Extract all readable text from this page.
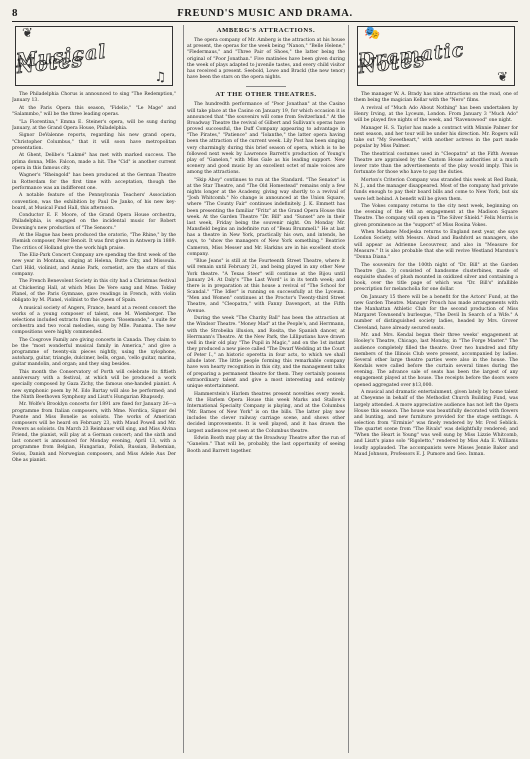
8	FREUND'S MUSIC AND DRAMA.
❦
Musical Notes	♫

The Philadelphia Chorus is announced to sing "The Redemption," January 13.

At the Paris Opera this season, "Fidelio," "Le Mage" and "Salammbo," will be the three leading operas.

"La Fiorentina," Emma E. Steiner's opera, will be sung during January, at the Grand Opera House, Philadelphia.

Signor DeValenne reports, regarding his new grand opera, "Christopher Columbus," that it will soon have metropolitan presentation.

At Ghent, Delibe's "Lakmé" has met with marked success. The prima donna, Mlle. Falcon, made a hit. The "Cid" is another current opera in this famous city.

Wagner's "Rheingold" has been produced at the German Theatre in Rotterdam for the first time with acceptation, though the performance was an indifferent one.

A notable feature of the Pennsylvania Teachers' Association convention, was the exhibition by Paul De Janko, of his new key-board, at Musical Fund Hall, this afternoon.

Conductor E. F. Moore, of the Grand Opera House orchestra, Philadelphia, is engaged on the incidental music for Robert Downing's new production of "The Sensors."

At the Hague has been produced the oratorio, "The Rhine," by the Flemish composer, Peter Benoit. It was first given in Antwerp in 1889. The critics of Holland give the work high praise.

The Eliz-Park Concert Company are spending the first week of the new year in Montana, singing at Helena, Butte City, and Missoula. Carl Hild, violinist, and Annie Park, cornetist, are the stars of this company.

The French Benevolent Society in this city had a Christmas festival at Chickering Hall, at which Miss De Vere sang and Mme. Tokley Planel, of the Paris Gymnase, gave readings in French, with violin obligato by M. Planel, violinist to the Queen of Spain.

A musical society of Angers, France, heard at a recent concert the works of a young composer of talent, one M. Wiemberger. The selections included extracts from his opera "Rosemonde," a suite for orchestra and two vocal melodies, sung by Mlle. Panama. The new compositions were highly commended.

The Cosgrove Family are giving concerts in Canada. They claim to be the "most wonderful musical family in America," and give a programme of twenty-six pieces nightly, using the xylophone, autoharp, guitar, triangle, dulcimer, bells, organ, 'cello guitar, marina, guitar mandolin, and organ; and they sing besides.

This month the Conservatory of Porth will celebrate its fiftieth anniversary with a festival, at which will be produced a work specially composed by Gaza Zichy, the famous one-handed pianist. A new symphonic poem by M. Edo Bartay will also be performed; and the Ninth Beethoven Symphony and Liszt's Hungarian Rhapsody.

Mr. Wolfe's Brooklyn concerts for 1891 are fixed for January 26—a programme from Italian composers, with Mme. Nordica, Signor del Puente and Miss Bonelie as soloists. The works of American composers will be heard on February 23, with Maud Powell and Mr. Powers as soloists. On March 23 Reinhauer will sing, and Miss Alvina Friend, the pianist, will play at a German concert; and the sixth and last concert is announced for Monday evening, April 13, with a programme from Belgian, Hungarian, Polish, Russian, Bohemian, Swiss, Danish and Norwegian composers, and Miss Adele Aus Der Ohe as pianist.

AMBERG'S ATTRACTIONS.

The opera company of Mr. Amberg is the attraction at his house at present, the operas for the week being "Nanon," "Belle Helene," "Fledermaus," and "Three Pair of Shoes," the latter being the original of "Poor Jonathan." Five matinées have been given during the week of plays adapted to juvenile tastes, and every child visitor has received a present. Seebold, Lowe and Brackl (the new tenor) have been the stars on the opera nights.

AT THE OTHER THEATRES.

The hundredth performance of "Poor Jonathan" at the Casino will take place at the Casino on January 19, for which occasion it is announced that "the souvenirs will come from Switzerland." At the Broadway Theatre the revival of Gilbert and Sullivan's operas have proved successful, the Duff Company appearing to advantage in "The Pirates," "Patience" and "Iolanthe," the latter opera having been the attraction of the current week. Lily Post has been singing very charmingly during this brief season of opera, which is to be followed next week by Lawrence Barrett's production of Young's play of "Ganelon," with Miss Gale as his leading support. New scenery and good music by an excellent octet of male voices are among the attractions.

"Skip Ahoy" continues to run at the Standard. "The Senator" is at the Star Theatre, and "The Old Homestead" remains only a few nights longer at the Academy, giving way shortly to a revival of "Josh Whitcomb." No change is announced at the Union Square, where "The County Fair" continues indefinitely. J. K. Emmett has been presenting the familiar "Fritz" at the Grand Opera House this week. At the Garden Theatre "Dr. Bill" and "Sunset" are in their last week, Friday being the souvenir night. On Monday Mr. Mansfield begins an indefinite run of "Beau Brummell." He at last has a theatre in New York, practically his own, and intends, he says, to "show the managers of New York something." Beatrice Cameron, Miss Messer and Mr. Harkins are in his excellent stock company.

"Blue Jeans" is still at the Fourteenth Street Theatre, where it will remain until February 21, and being played in any other New York theatre. "A Texas Steer" will continue at the Bijou until January 24. At Daly's "The Last Word" is in its tenth week; and there is in preparation at this house a revival of "The School for Scandal." "The Idler" is running on successfully at the Lyceum. "Men and Women" continues at the Proctor's Twenty-third Street Theatre, and "Cleopatra," with Fanny Davenport, at the Fifth Avenue.

During the week "The Charity Ball" has been the attraction at the Windsor Theatre. "Money Mad" at the People's, and Herrmann, with the Strobeika illusion, and Rosita, the Spanish dancer, at Herrmann's Theatre. At the New Park, the Lilliputians have drawn well in their old play "The Pupil in Magic," and on the 1st instant they produced a new piece called "The Dwarf Wedding at the Court of Peter I.," an historic operetta in four acts, to which we shall allude later. The little people forming this remarkable company have won hearty recognition in this city, and the management talks of preparing a permanent theatre for them. They certainly possess extraordinary talent and give a most interesting and entirely unique entertainment.

Hammerstein's Harlem theatres present novelties every week. At the Harlem Opera House this week Marks and Stallow's International Specialty Company is playing, and at the Columbus "Mr. Barnes of New York" is on the bills. The latter play now includes the clever railway carriage scene, and shows other decided improvements. It is well played, and it has drawn the largest audiences yet seen at the Columbus theatre.

Edwin Booth may play at the Broadway Theatre after the run of "Ganelon." That will be, probably, the last opportunity of seeing Booth and Barrett together.

🎭
Dramatic Notes	❦

The manager W. A. Brady has nine attractions on the road, one of them being the magician Kellar with the "Nero" films.

A revival of "Much Ado About Nothing" has been undertaken by Henry Irving, at the Lyceum, London. From January 3 "Much Ado" will be played five nights of the week, and "Ravenswood" one night.

Manager H. S. Taylor has made a contract with Minnie Palmer for next season, and her tour will be under his direction. Mr. Rogers will take out "My Sweetheart," with another actress in the part made popular by Miss Palmer.

The theatrical costumes used in "Cleopatra" at the Fifth Avenue Theatre are appraised by the Custom House authorities at a much lower rate than the advertisements of the play would imply. This is fortunate for those who have to pay the duties.

Morton's Criterion Company was stranded this week at Red Bank, N. J., and the manager disappeared. Most of the company had private funds enough to pay their board bills and come to New York, but six were left behind. A benefit will be given them.

The Vokes company returns to the city next week, beginning on the evening of the 4th an engagement at the Madison Square Theatre. The company will open in "The Silver Shield." Felix Morris is given prominence as the "support" of Miss Rosina Vokes.

When Madame Modjeska returns to England next year, she says London Society, with Messrs. Abud and Bashford as managers, she will appear as Adrienne Lecouvreur, and also in "Measure for Measure." It is also probable that she will revive Westland Marston's "Donna Diana."

The souvenirs for the 100th night of "Dr. Bill" at the Garden Theatre (Jan. 3) consisted of handsome clusterbines, made of exquisite shades of plush mounted in oxidized silver and containing a book, over the title page of which was "Dr. Bill's" infallible prescription for melancholia for one dollar.

On January 15 there will be a benefit for the Actors' Fund, at the new Garden Theatre. Manager Prouch has made arrangements with the Manhattan Athletic Club for the second production of Miss Margaret Townsend's burlesque, "The Devil In Search of a Wife." A number of distinguished society ladies, headed by Mrs. Grover Cleveland, have already secured seats.

Mr. and Mrs. Kendal began their three weeks' engagement at Hooley's Theatre, Chicago, last Monday, in "The Forge Master." The audience completely filled the theatre. Over two hundred and fifty members of the Illinois Club were present, accompanied by ladies. Several other large theatre parties were also in the house. The Kendals were called before the curtain several times during the evening. The advance sale of seats has been the largest of any engagement played at the house. The receipts before the doors were opened aggregated over $13,000.

A musical and dramatic entertainment, given lately by home talent at Cheyenne in behalf of the Methodist Church Building Fund, was largely attended. A more appreciative audience has not left the Opera House this season. The house was beautifully decorated with flowers and bunting, and new furniture provided for the stage settings. A selection from "Erminie" was finely rendered by Mr. Fred Seblick. The quartet scene from "The Rivals" was delightfully rendered; and "When the Heart is Young" was well sung by Miss Lizzie Whitcomb, and Liszt's piano solo "Rigoletto," rendered by Miss Ada E. Williams loudly applauded. The accompanists were Misses Jennie Baker and Maud Johnson, Professors E. J. Pumore and Geo. Inman.
